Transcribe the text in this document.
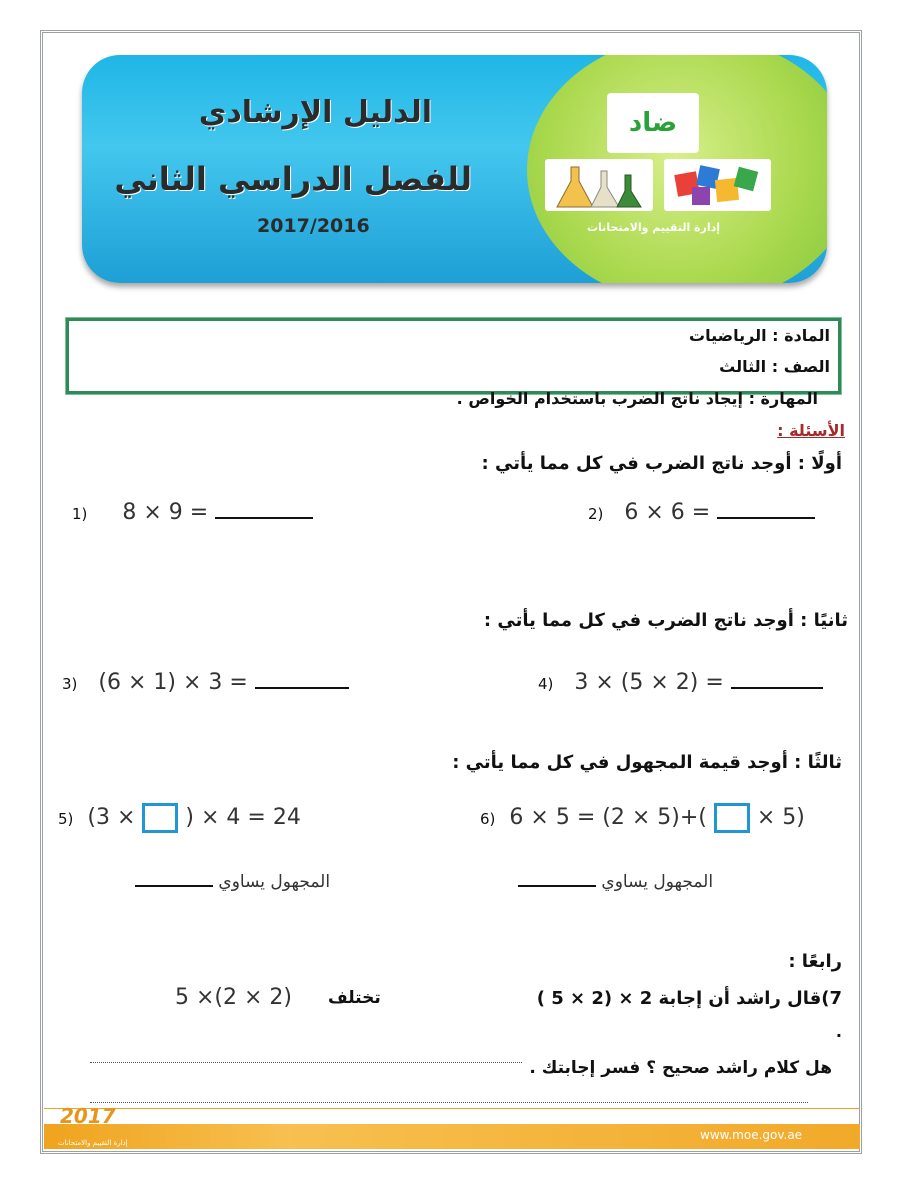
الدليل الإرشادي
للفصل الدراسي الثاني
2017/2016
ضاد
إدارة التقييم والامتحانات
المادة : الرياضيات
الصف : الثالث
المهارة : إيجاد ناتج الضرب باستخدام الخواص .
الأسئلة :
أولًا : أوجد ناتج الضرب في كل مما يأتي :
1) 8 × 9 =	2) 6 × 6 =
ثانيًا : أوجد ناتج الضرب في كل مما يأتي :
3) (6 × 1) × 3 =	4) 3 × (5 × 2) =
ثالثًا : أوجد قيمة المجهول في كل مما يأتي :
5) (3 × ) × 4 = 24	6) 6 × 5 = (2 × 5)+( × 5)
المجهول يساوي	المجهول يساوي
رابعًا :
7)قال راشد أن إجابة 2 × (2 × 5 )
تختلف
5 ×(2 × 2)
.
هل كلام راشد صحيح ؟ فسر إجابتك .
2017
إدارة التقييم والامتحانات
www.moe.gov.ae
